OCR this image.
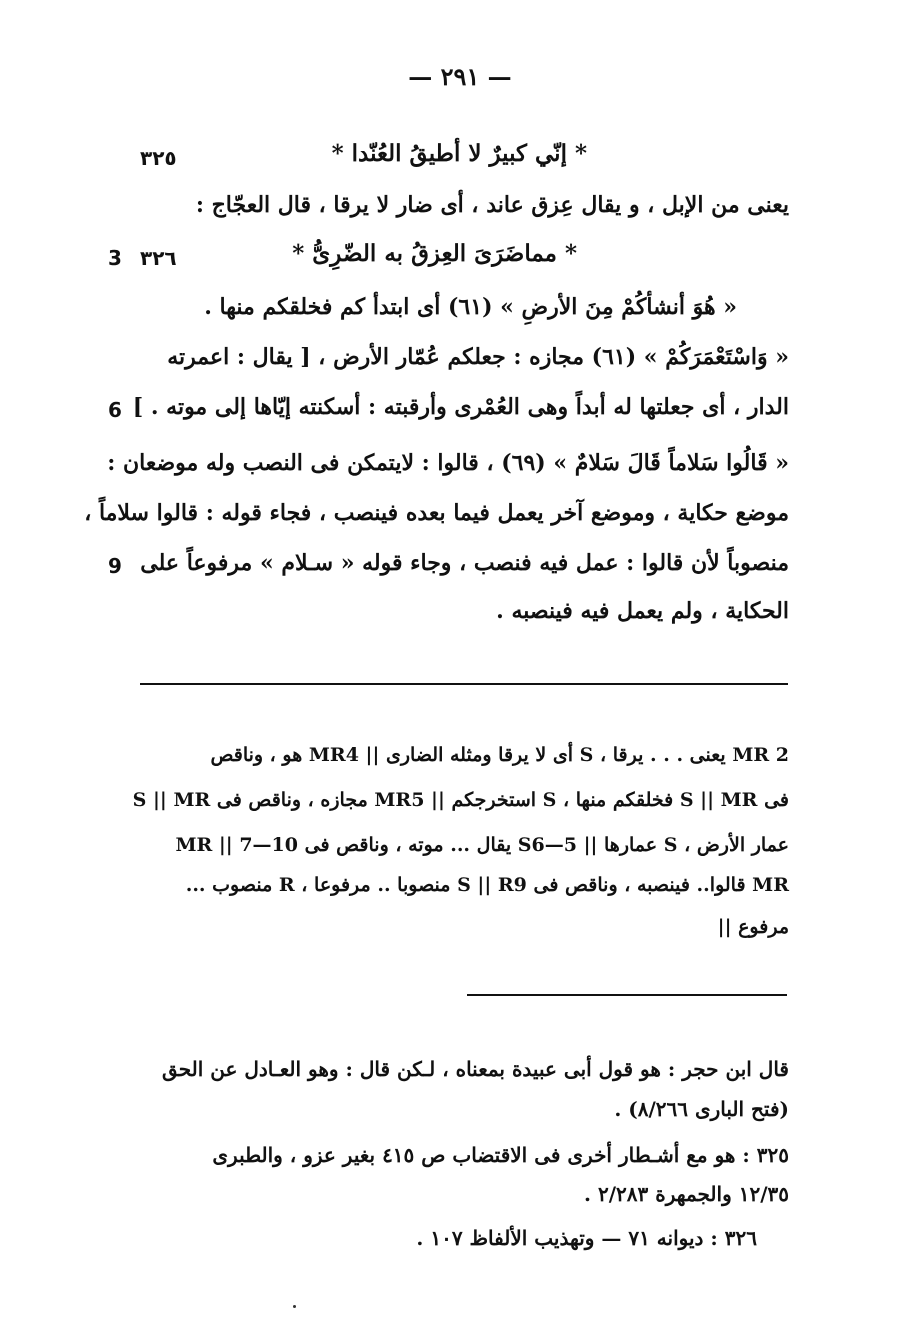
— ٢٩١ —
* إنّي كبيرٌ لا أطيقُ العُنّدا *
٣٢٥
يعنى من الإبل ، و يقال عِزق عاند ، أى ضار لا يرقا ، قال العجّاج :
* مماضَرَىَ العِزقُ به الضّرِىُّ *
٣٢٦
3
« هُوَ أنشأكُمْ مِنَ الأرضِ » (٦١) أى ابتدأ كم فخلقكم منها .
« وَاسْتَعْمَرَكُمْ » (٦١) مجازه : جعلكم عُمّار الأرض ، [ يقال : اعمرته
الدار ، أى جعلتها له أبداً وهى العُمْرى وأرقبته : أسكنته إيّاها إلى موته . ]
6
« قَالُوا سَلاماً قَالَ سَلامٌ » (٦٩) ، قالوا : لايتمكن فى النصب وله موضعان :
موضع حكاية ، وموضع آخر يعمل فيما بعده فينصب ، فجاء قوله : قالوا سلاماً ،
منصوباً لأن قالوا : عمل فيه فنصب ، وجاء قوله « سـلام » مرفوعاً على
9
الحكاية ، ولم يعمل فيه فينصبه .
MR 2 يعنى . . . يرقا ، S أى لا يرقا ومثله الضارى || MR4 هو ، وناقص
فى S || MR فخلقكم منها ، S استخرجكم || MR5 مجازه ، وناقص فى S || MR
عمار الأرض ، S عمارها || 5—S6 يقال ... موته ، وناقص فى MR || 7—10
MR قالوا.. فينصبه ، وناقص فى S || R9 منصوبا .. مرفوعا ، R منصوب ...
مرفوع ||
قال ابن حجر : هو قول أبى عبيدة بمعناه ، لـكن قال : وهو العـادل عن الحق
(فتح البارى ٨/٢٦٦) .
٣٢٥ : هو مع أشـطار أخرى فى الاقتضاب ص ٤١٥ بغير عزو ، والطبرى
١٢/٣٥ والجمهرة ٢/٢٨٣ .
٣٢٦ : ديوانه ٧١ — وتهذيب الألفاظ ١٠٧ .
